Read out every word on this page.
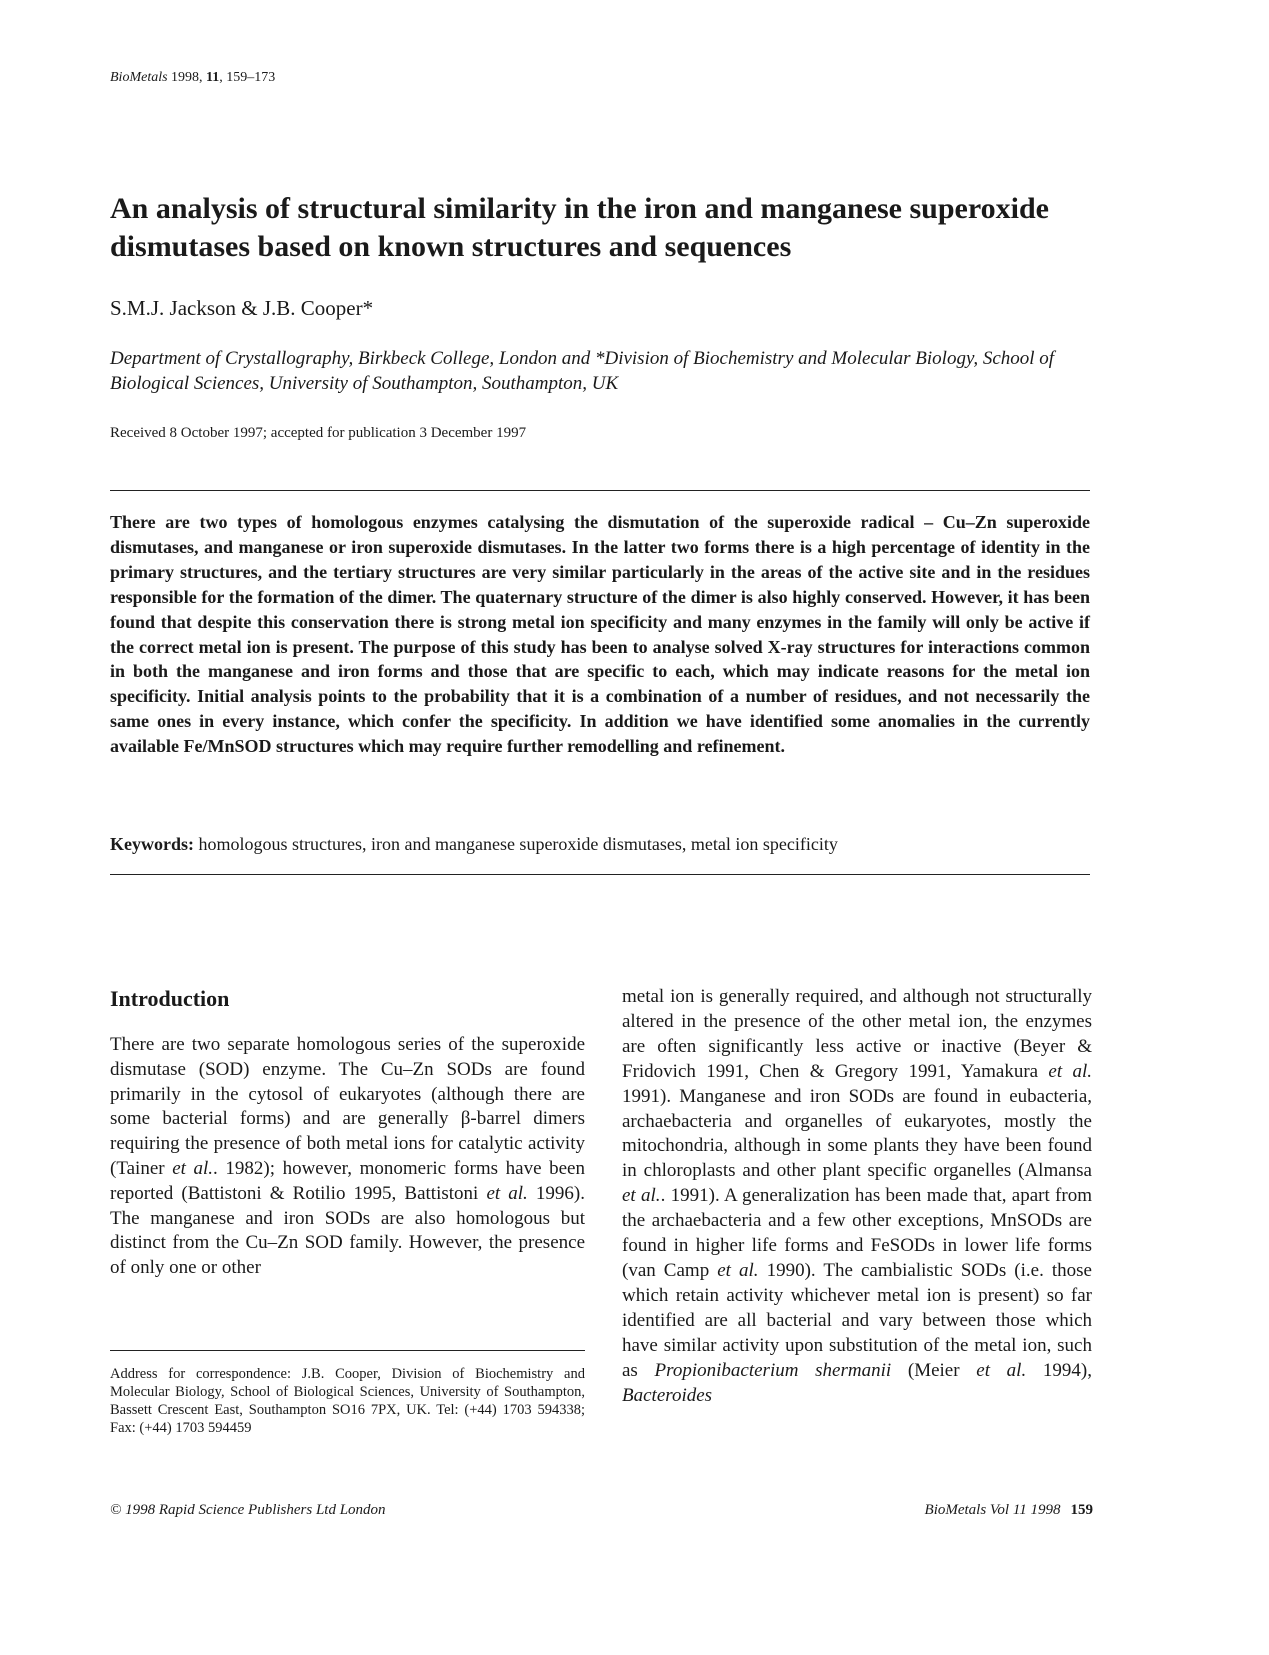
BioMetals 1998, 11, 159–173
An analysis of structural similarity in the iron and manganese superoxide dismutases based on known structures and sequences
S.M.J. Jackson & J.B. Cooper*
Department of Crystallography, Birkbeck College, London and *Division of Biochemistry and Molecular Biology, School of Biological Sciences, University of Southampton, Southampton, UK
Received 8 October 1997; accepted for publication 3 December 1997

There are two types of homologous enzymes catalysing the dismutation of the superoxide radical – Cu–Zn superoxide dismutases, and manganese or iron superoxide dismutases. In the latter two forms there is a high percentage of identity in the primary structures, and the tertiary structures are very similar particularly in the areas of the active site and in the residues responsible for the formation of the dimer. The quaternary structure of the dimer is also highly conserved. However, it has been found that despite this conservation there is strong metal ion specificity and many enzymes in the family will only be active if the correct metal ion is present. The purpose of this study has been to analyse solved X-ray structures for interactions common in both the manganese and iron forms and those that are specific to each, which may indicate reasons for the metal ion specificity. Initial analysis points to the probability that it is a combination of a number of residues, and not necessarily the same ones in every instance, which confer the specificity. In addition we have identified some anomalies in the currently available Fe/MnSOD structures which may require further remodelling and refinement.

Keywords: homologous structures, iron and manganese superoxide dismutases, metal ion specificity
Introduction

There are two separate homologous series of the superoxide dismutase (SOD) enzyme. The Cu–Zn SODs are found primarily in the cytosol of eukaryotes (although there are some bacterial forms) and are generally β-barrel dimers requiring the presence of both metal ions for catalytic activity (Tainer et al.. 1982); however, monomeric forms have been reported (Battistoni & Rotilio 1995, Battistoni et al. 1996). The manganese and iron SODs are also homologous but distinct from the Cu–Zn SOD family. However, the presence of only one or other

metal ion is generally required, and although not structurally altered in the presence of the other metal ion, the enzymes are often significantly less active or inactive (Beyer & Fridovich 1991, Chen & Gregory 1991, Yamakura et al. 1991). Manganese and iron SODs are found in eubacteria, archaebacteria and organelles of eukaryotes, mostly the mitochondria, although in some plants they have been found in chloroplasts and other plant specific organelles (Almansa et al.. 1991). A generalization has been made that, apart from the archaebacteria and a few other exceptions, MnSODs are found in higher life forms and FeSODs in lower life forms (van Camp et al. 1990). The cambialistic SODs (i.e. those which retain activity whichever metal ion is present) so far identified are all bacterial and vary between those which have similar activity upon substitution of the metal ion, such as Propionibacterium shermanii (Meier et al. 1994), Bacteroides

Address for correspondence: J.B. Cooper, Division of Biochemistry and Molecular Biology, School of Biological Sciences, University of Southampton, Bassett Crescent East, Southampton SO16 7PX, UK. Tel: (+44) 1703 594338; Fax: (+44) 1703 594459

© 1998 Rapid Science Publishers Ltd London	BioMetals Vol 11 1998 159
